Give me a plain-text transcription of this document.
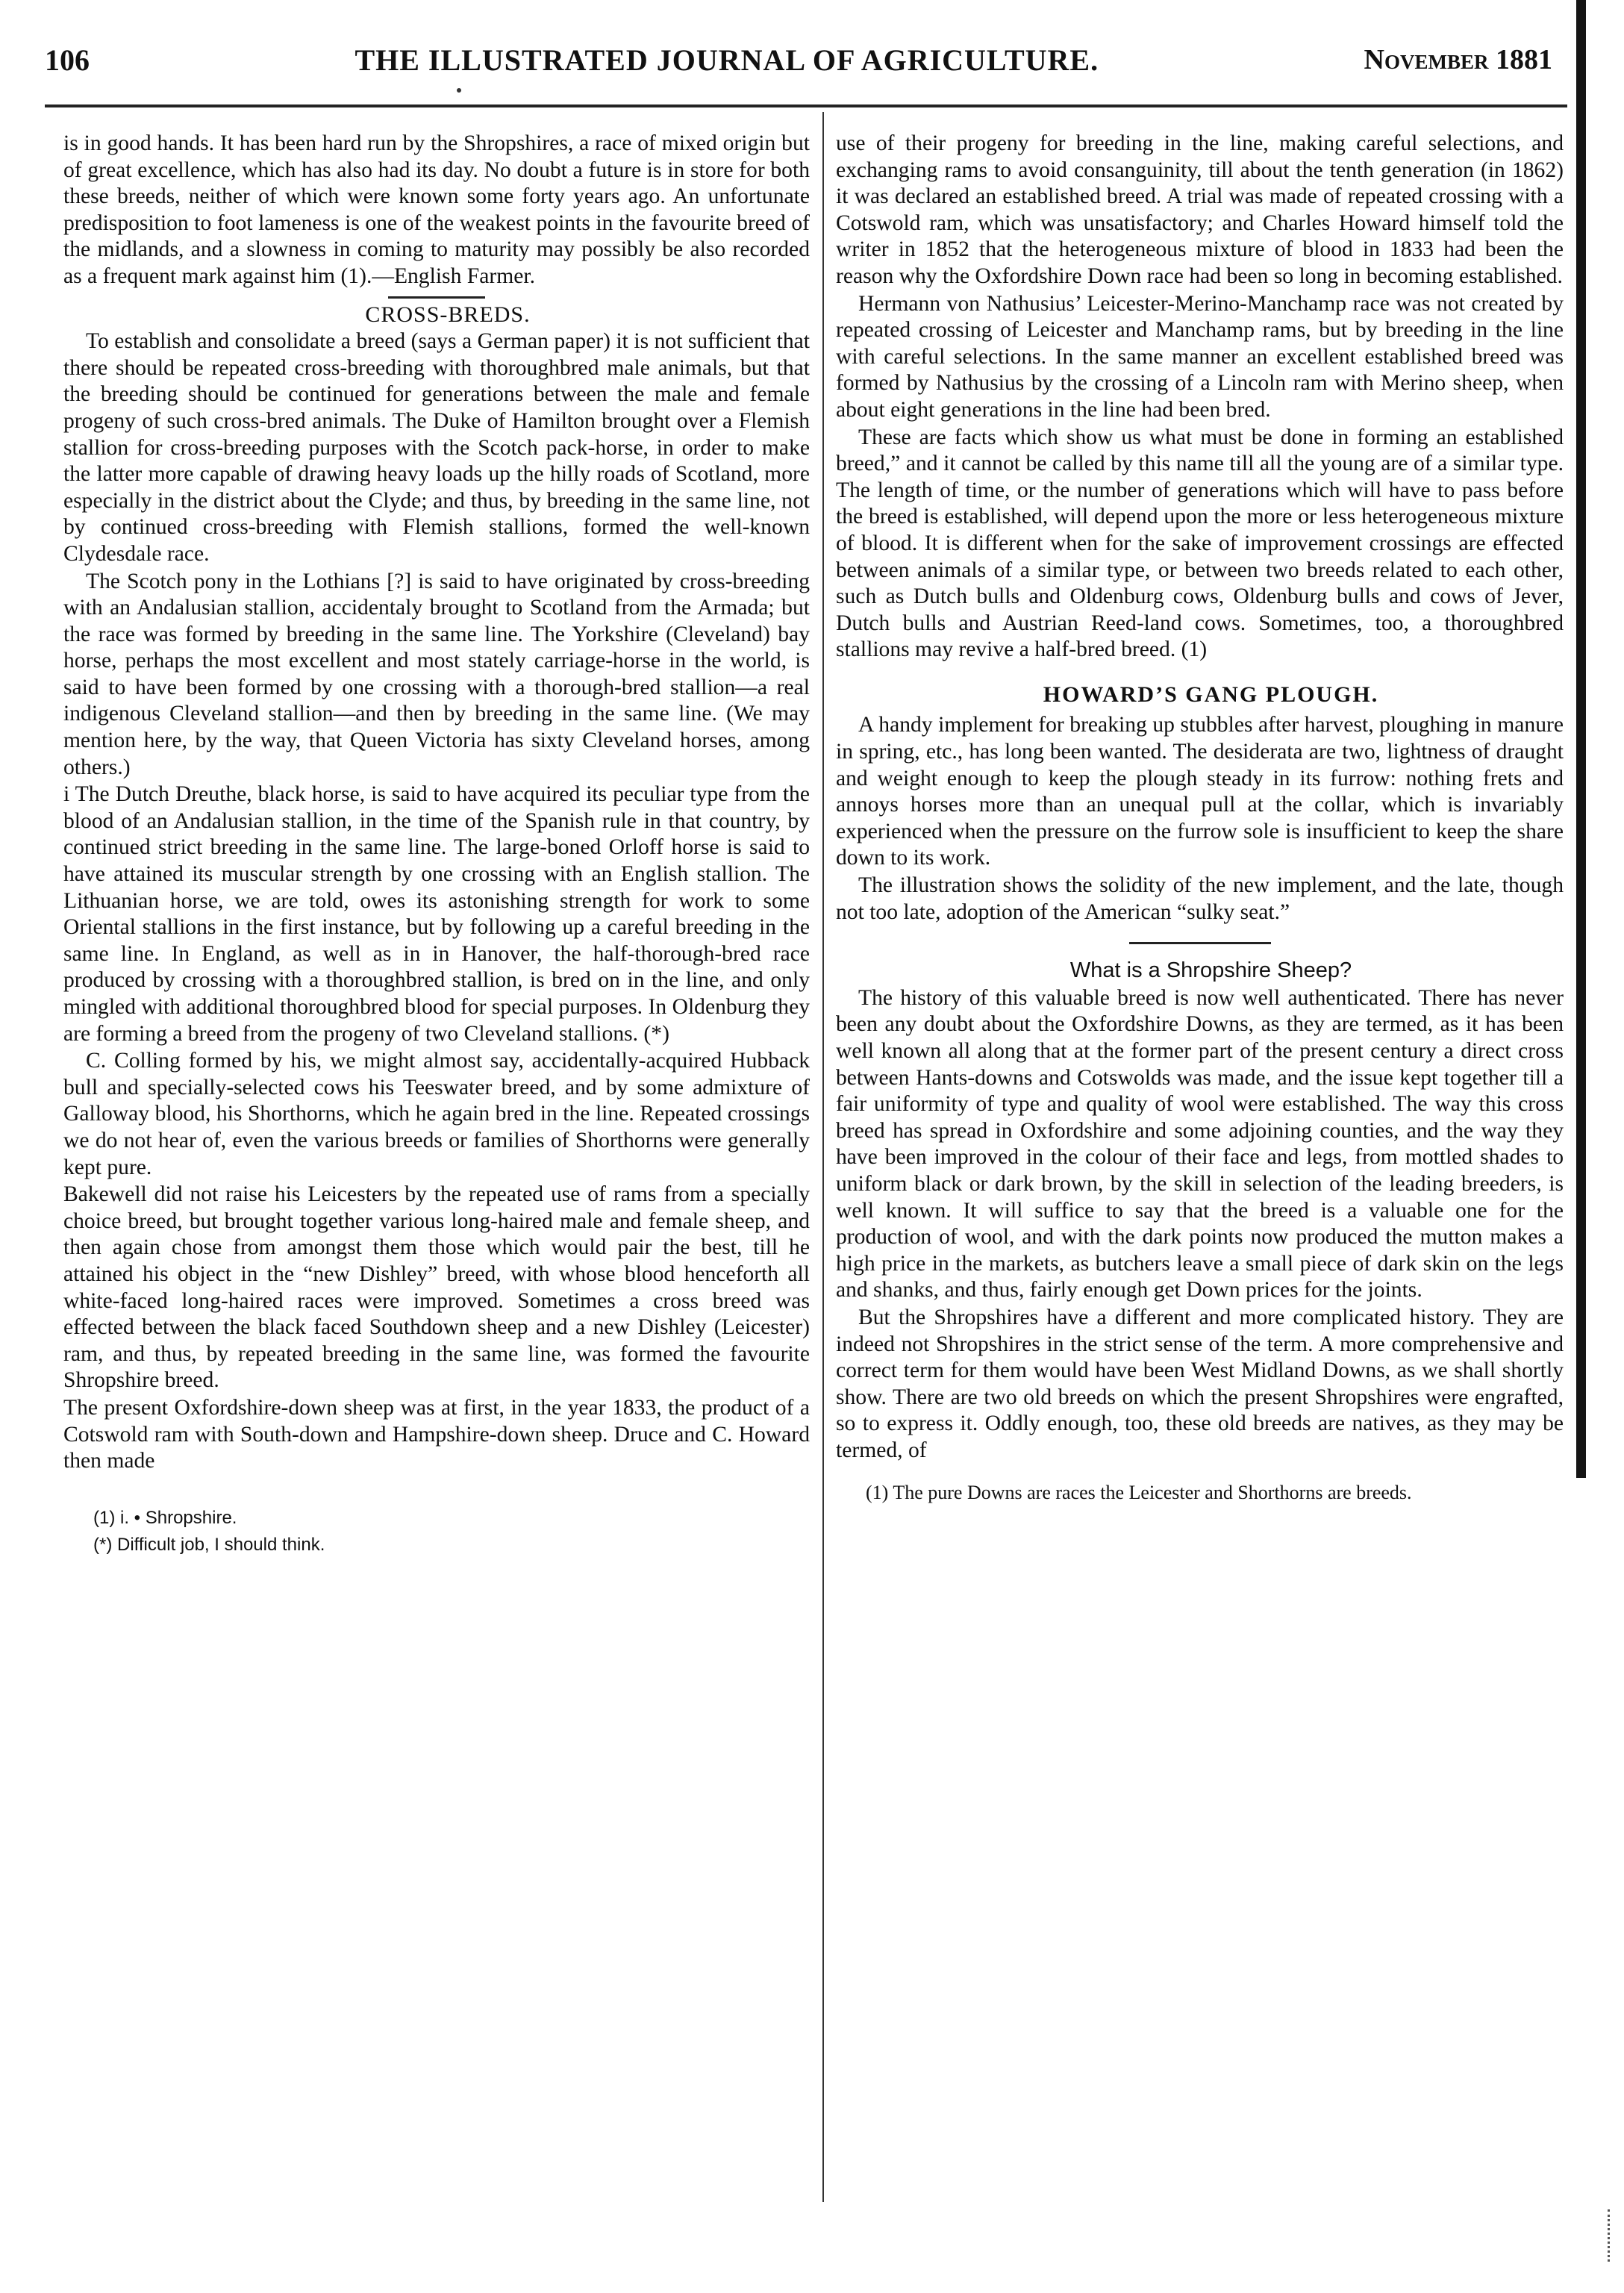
106	THE ILLUSTRATED JOURNAL OF AGRICULTURE.	November 1881

is in good hands. It has been hard run by the Shropshires, a race of mixed origin but of great excellence, which has also had its day. No doubt a future is in store for both these breeds, neither of which were known some forty years ago. An unfortunate predisposition to foot lameness is one of the weakest points in the favourite breed of the midlands, and a slowness in coming to maturity may possibly be also recorded as a frequent mark against him (1).—English Farmer.

CROSS-BREDS.

To establish and consolidate a breed (says a German paper) it is not sufficient that there should be repeated cross-breeding with thoroughbred male animals, but that the breeding should be continued for generations between the male and female progeny of such cross-bred animals. The Duke of Hamilton brought over a Flemish stallion for cross-breeding purposes with the Scotch pack-horse, in order to make the latter more capable of drawing heavy loads up the hilly roads of Scotland, more especially in the district about the Clyde; and thus, by breeding in the same line, not by continued cross-breeding with Flemish stallions, formed the well-known Clydesdale race.

The Scotch pony in the Lothians [?] is said to have originated by cross-breeding with an Andalusian stallion, accidentaly brought to Scotland from the Armada; but the race was formed by breeding in the same line. The Yorkshire (Cleveland) bay horse, perhaps the most excellent and most stately carriage-horse in the world, is said to have been formed by one crossing with a thorough-bred stallion—a real indigenous Cleveland stallion—and then by breeding in the same line. (We may mention here, by the way, that Queen Victoria has sixty Cleveland horses, among others.)

i The Dutch Dreuthe, black horse, is said to have acquired its peculiar type from the blood of an Andalusian stallion, in the time of the Spanish rule in that country, by continued strict breeding in the same line. The large-boned Orloff horse is said to have attained its muscular strength by one crossing with an English stallion. The Lithuanian horse, we are told, owes its astonishing strength for work to some Oriental stallions in the first instance, but by following up a careful breeding in the same line. In England, as well as in in Hanover, the half-thorough-bred race produced by crossing with a thoroughbred stallion, is bred on in the line, and only mingled with additional thoroughbred blood for special purposes. In Oldenburg they are forming a breed from the progeny of two Cleveland stallions. (*)

C. Colling formed by his, we might almost say, accidentally-acquired Hubback bull and specially-selected cows his Teeswater breed, and by some admixture of Galloway blood, his Shorthorns, which he again bred in the line. Repeated crossings we do not hear of, even the various breeds or families of Shorthorns were generally kept pure.

Bakewell did not raise his Leicesters by the repeated use of rams from a specially choice breed, but brought together various long-haired male and female sheep, and then again chose from amongst them those which would pair the best, till he attained his object in the “new Dishley” breed, with whose blood henceforth all white-faced long-haired races were improved. Sometimes a cross breed was effected between the black faced Southdown sheep and a new Dishley (Leicester) ram, and thus, by repeated breeding in the same line, was formed the favourite Shropshire breed.

The present Oxfordshire-down sheep was at first, in the year 1833, the product of a Cotswold ram with South-down and Hampshire-down sheep. Druce and C. Howard then made

(1) i. • Shropshire.

(*) Difficult job, I should think.

use of their progeny for breeding in the line, making careful selections, and exchanging rams to avoid consanguinity, till about the tenth generation (in 1862) it was declared an established breed. A trial was made of repeated crossing with a Cotswold ram, which was unsatisfactory; and Charles Howard himself told the writer in 1852 that the heterogeneous mixture of blood in 1833 had been the reason why the Oxfordshire Down race had been so long in becoming established.

Hermann von Nathusius’ Leicester-Merino-Manchamp race was not created by repeated crossing of Leicester and Manchamp rams, but by breeding in the line with careful selections. In the same manner an excellent established breed was formed by Nathusius by the crossing of a Lincoln ram with Merino sheep, when about eight generations in the line had been bred.

These are facts which show us what must be done in forming an established breed,” and it cannot be called by this name till all the young are of a similar type. The length of time, or the number of generations which will have to pass before the breed is established, will depend upon the more or less heterogeneous mixture of blood. It is different when for the sake of improvement crossings are effected between animals of a similar type, or between two breeds related to each other, such as Dutch bulls and Oldenburg cows, Oldenburg bulls and cows of Jever, Dutch bulls and Austrian Reed-land cows. Sometimes, too, a thoroughbred stallions may revive a half-bred breed. (1)

HOWARD’S GANG PLOUGH.

A handy implement for breaking up stubbles after harvest, ploughing in manure in spring, etc., has long been wanted. The desiderata are two, lightness of draught and weight enough to keep the plough steady in its furrow: nothing frets and annoys horses more than an unequal pull at the collar, which is invariably experienced when the pressure on the furrow sole is insufficient to keep the share down to its work.

The illustration shows the solidity of the new implement, and the late, though not too late, adoption of the American “sulky seat.”

What is a Shropshire Sheep?

The history of this valuable breed is now well authenticated. There has never been any doubt about the Oxfordshire Downs, as they are termed, as it has been well known all along that at the former part of the present century a direct cross between Hants-downs and Cotswolds was made, and the issue kept together till a fair uniformity of type and quality of wool were established. The way this cross breed has spread in Oxfordshire and some adjoining counties, and the way they have been improved in the colour of their face and legs, from mottled shades to uniform black or dark brown, by the skill in selection of the leading breeders, is well known. It will suffice to say that the breed is a valuable one for the production of wool, and with the dark points now produced the mutton makes a high price in the markets, as butchers leave a small piece of dark skin on the legs and shanks, and thus, fairly enough get Down prices for the joints.

But the Shropshires have a different and more complicated history. They are indeed not Shropshires in the strict sense of the term. A more comprehensive and correct term for them would have been West Midland Downs, as we shall shortly show. There are two old breeds on which the present Shropshires were engrafted, so to express it. Oddly enough, too, these old breeds are natives, as they may be termed, of

(1) The pure Downs are races the Leicester and Shorthorns are breeds.
